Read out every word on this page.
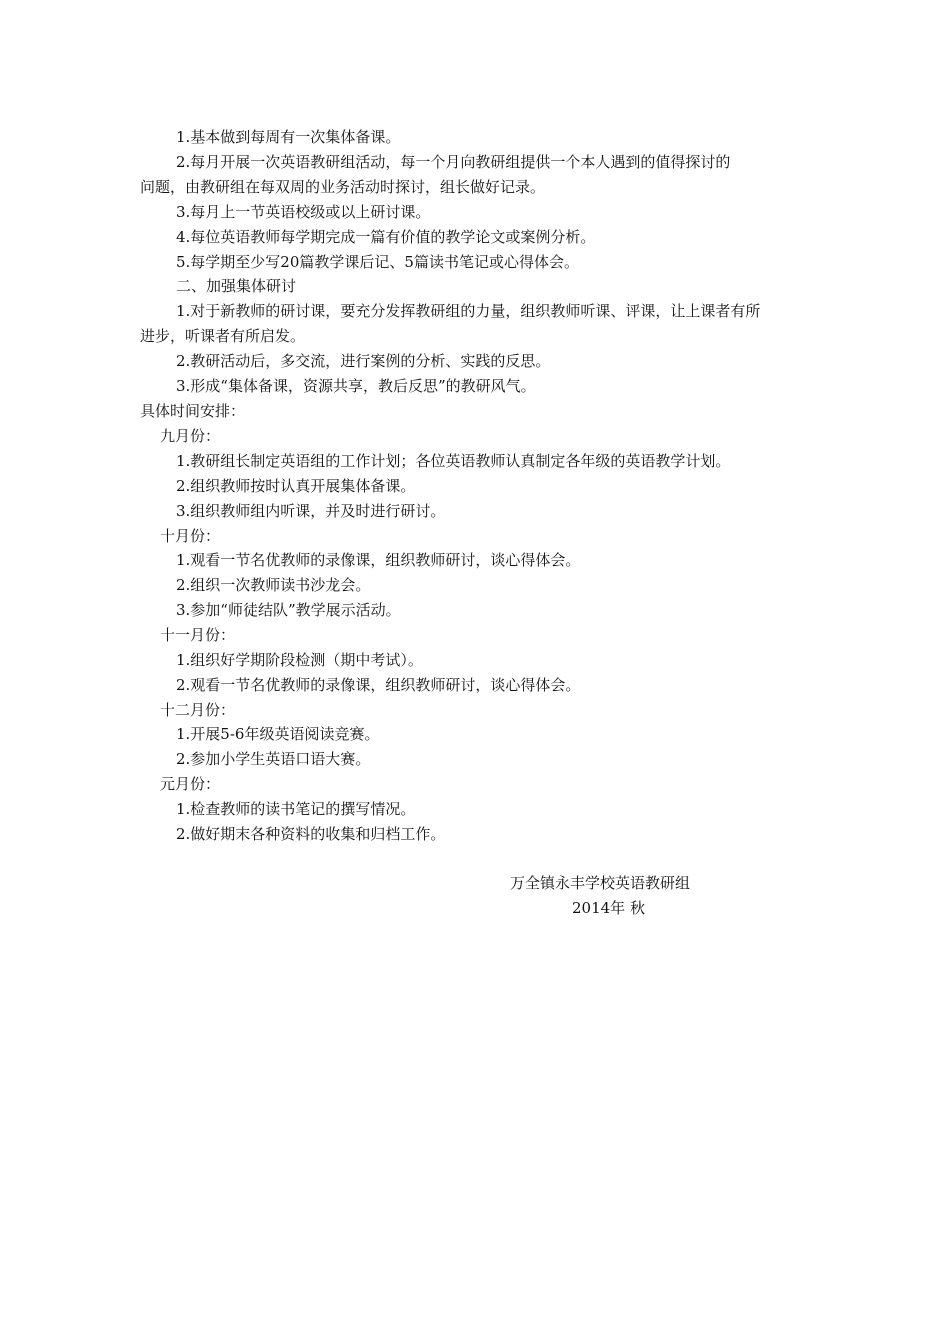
1.基本做到每周有一次集体备课。
2.每月开展一次英语教研组活动，每一个月向教研组提供一个本人遇到的值得探讨的
问题，由教研组在每双周的业务活动时探讨，组长做好记录。
3.每月上一节英语校级或以上研讨课。
4.每位英语教师每学期完成一篇有价值的教学论文或案例分析。
5.每学期至少写20篇教学课后记、5篇读书笔记或心得体会。
二、加强集体研讨
1.对于新教师的研讨课，要充分发挥教研组的力量，组织教师听课、评课，让上课者有所
进步，听课者有所启发。
2.教研活动后，多交流，进行案例的分析、实践的反思。
3.形成“集体备课，资源共享，教后反思”的教研风气。
具体时间安排：
九月份：
1.教研组长制定英语组的工作计划；各位英语教师认真制定各年级的英语教学计划。
2.组织教师按时认真开展集体备课。
3.组织教师组内听课，并及时进行研讨。
十月份：
1.观看一节名优教师的录像课，组织教师研讨，谈心得体会。
2.组织一次教师读书沙龙会。
3.参加“师徒结队”教学展示活动。
十一月份：
1.组织好学期阶段检测（期中考试）。
2.观看一节名优教师的录像课，组织教师研讨，谈心得体会。
十二月份：
1.开展5-6年级英语阅读竞赛。
2.参加小学生英语口语大赛。
元月份：
1.检查教师的读书笔记的撰写情况。
2.做好期末各种资料的收集和归档工作。
万全镇永丰学校英语教研组
2014年 秋
